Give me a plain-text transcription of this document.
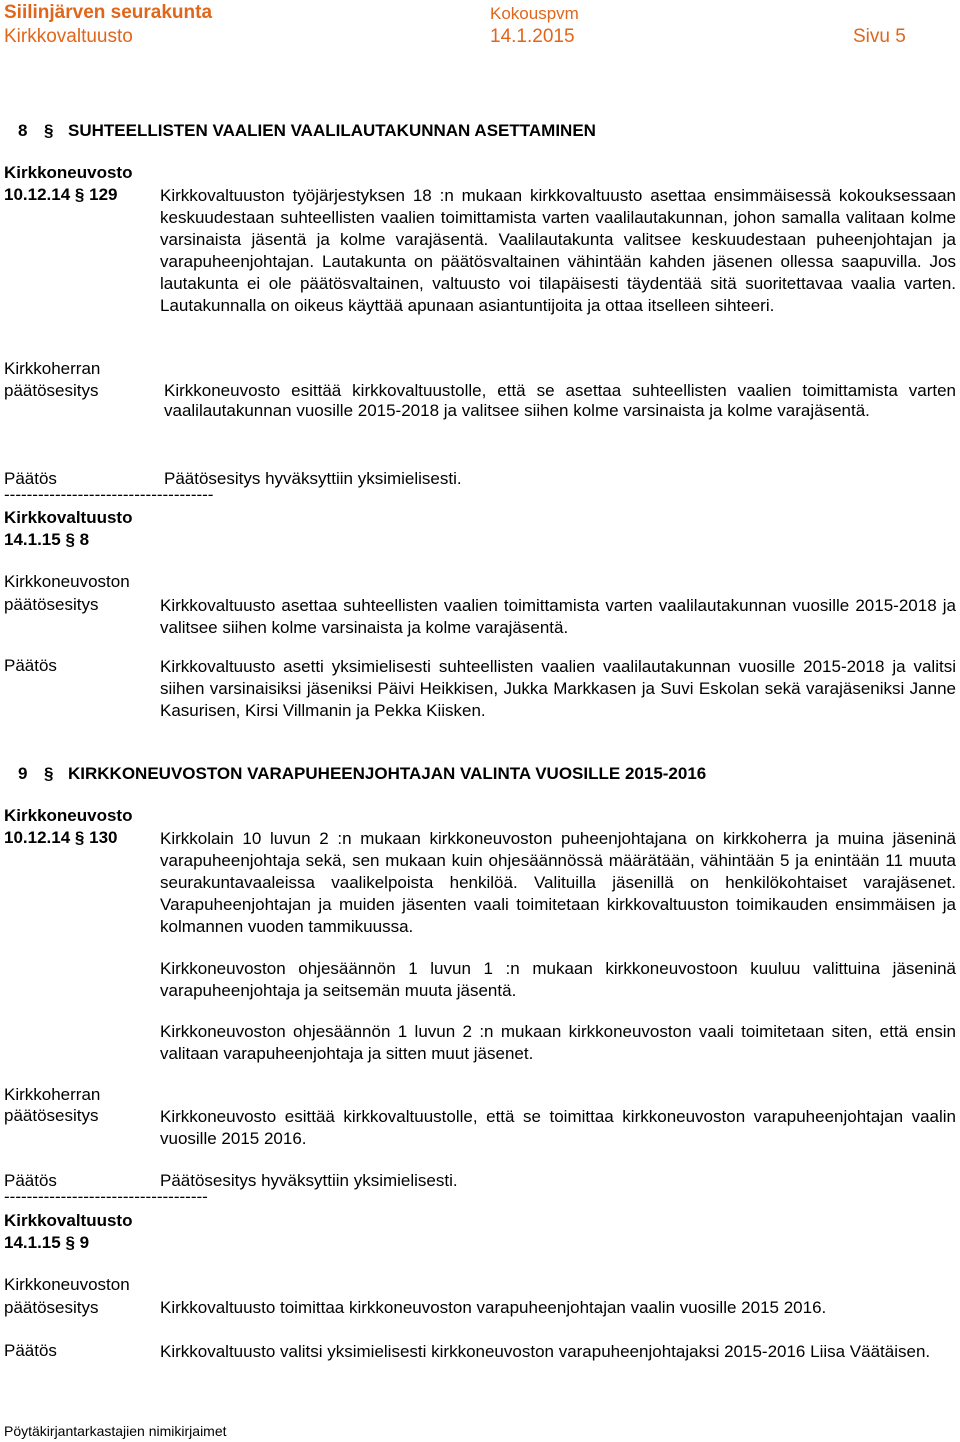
Siilinjärven seurakunta	Kokouspvm
Kirkkovaltuusto	14.1.2015	Sivu 5
8 § SUHTEELLISTEN VAALIEN VAALILAUTAKUNNAN ASETTAMINEN
Kirkkoneuvosto
10.12.14 § 129	Kirkkovaltuuston työjärjestyksen 18 :n mukaan kirkkovaltuusto asettaa ensimmäisessä kokouksessaan keskuudestaan suhteellisten vaalien toimittamista varten vaalilautakunnan, johon samalla valitaan kolme varsinaista jäsentä ja kolme varajäsentä. Vaalilautakunta valitsee keskuudestaan puheenjohtajan ja varapuheenjohtajan. Lautakunta on päätösvaltainen vähintään kahden jäsenen ollessa saapuvilla. Jos lautakunta ei ole päätösvaltainen, valtuusto voi tilapäisesti täydentää sitä suoritettavaa vaalia varten. Lautakunnalla on oikeus käyttää apunaan asiantuntijoita ja ottaa itselleen sihteeri.
Kirkkoherran
päätösesitys	Kirkkoneuvosto esittää kirkkovaltuustolle, että se asettaa suhteellisten vaalien toimittamista varten vaalilautakunnan vuosille 2015-2018 ja valitsee siihen kolme varsinaista ja kolme varajäsentä.
Päätös	Päätösesitys hyväksyttiin yksimielisesti.
-------------------------------------
Kirkkovaltuusto
14.1.15 § 8
Kirkkoneuvoston
päätösesitys	Kirkkovaltuusto asettaa suhteellisten vaalien toimittamista varten vaalilautakunnan vuosille 2015-2018 ja valitsee siihen kolme varsinaista ja kolme varajäsentä.
Päätös	Kirkkovaltuusto asetti yksimielisesti suhteellisten vaalien vaalilautakunnan vuosille 2015-2018 ja valitsi siihen varsinaisiksi jäseniksi Päivi Heikkisen, Jukka Markkasen ja Suvi Eskolan sekä varajäseniksi Janne Kasurisen, Kirsi Villmanin ja Pekka Kiisken.
9 § KIRKKONEUVOSTON VARAPUHEENJOHTAJAN VALINTA VUOSILLE 2015-2016
Kirkkoneuvosto
10.12.14 § 130	Kirkkolain 10 luvun 2 :n mukaan kirkkoneuvoston puheenjohtajana on kirkkoherra ja muina jäseninä varapuheenjohtaja sekä, sen mukaan kuin ohjesäännössä määrätään, vähintään 5 ja enintään 11 muuta seurakuntavaaleissa vaalikelpoista henkilöä. Valituilla jäsenillä on henkilökohtaiset varajäsenet. Varapuheenjohtajan ja muiden jäsenten vaali toimitetaan kirkkovaltuuston toimikauden ensimmäisen ja kolmannen vuoden tammikuussa.
Kirkkoneuvoston ohjesäännön 1 luvun 1 :n mukaan kirkkoneuvostoon kuuluu valittuina jäseninä varapuheenjohtaja ja seitsemän muuta jäsentä.
Kirkkoneuvoston ohjesäännön 1 luvun 2 :n mukaan kirkkoneuvoston vaali toimitetaan siten, että ensin valitaan varapuheenjohtaja ja sitten muut jäsenet.
Kirkkoherran
päätösesitys	Kirkkoneuvosto esittää kirkkovaltuustolle, että se toimittaa kirkkoneuvoston varapuheenjohtajan vaalin vuosille 2015 2016.
Päätös	Päätösesitys hyväksyttiin yksimielisesti.
------------------------------------
Kirkkovaltuusto
14.1.15 § 9
Kirkkoneuvoston
päätösesitys	Kirkkovaltuusto toimittaa kirkkoneuvoston varapuheenjohtajan vaalin vuosille 2015 2016.
Päätös	Kirkkovaltuusto valitsi yksimielisesti kirkkoneuvoston varapuheenjohtajaksi 2015-2016 Liisa Väätäisen.
Pöytäkirjantarkastajien nimikirjaimet
